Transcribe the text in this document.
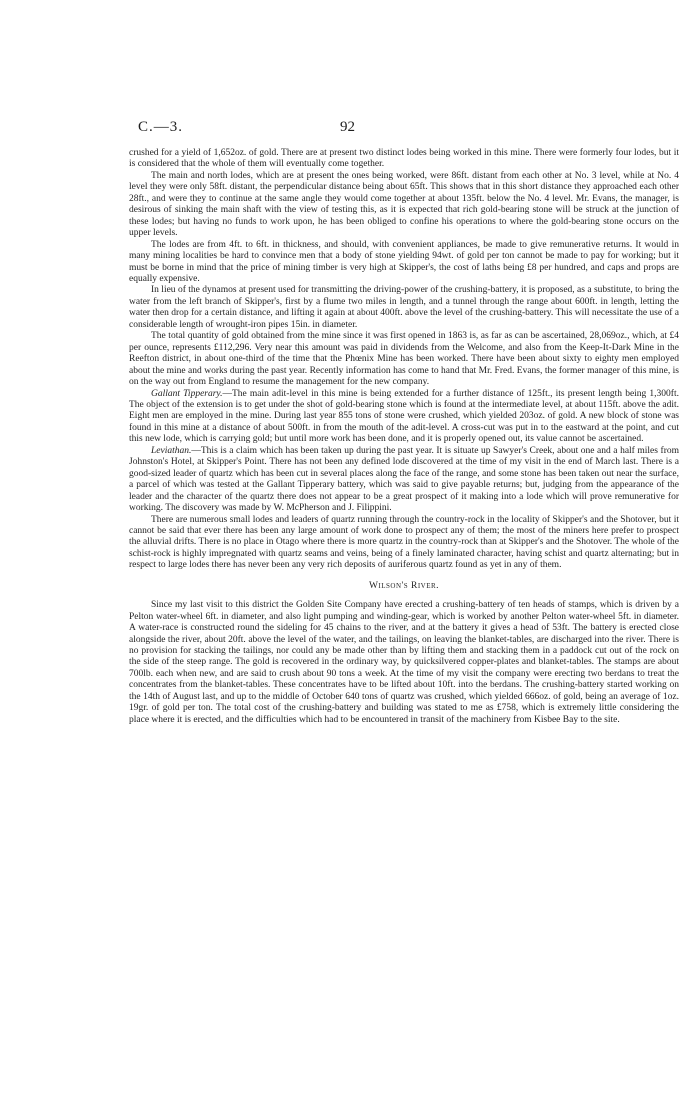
C.—3.	92

crushed for a yield of 1,652oz. of gold. There are at present two distinct lodes being worked in this mine. There were formerly four lodes, but it is considered that the whole of them will eventually come together.

The main and north lodes, which are at present the ones being worked, were 86ft. distant from each other at No. 3 level, while at No. 4 level they were only 58ft. distant, the perpendicular distance being about 65ft. This shows that in this short distance they approached each other 28ft., and were they to continue at the same angle they would come together at about 135ft. below the No. 4 level. Mr. Evans, the manager, is desirous of sinking the main shaft with the view of testing this, as it is expected that rich gold-bearing stone will be struck at the junction of these lodes; but having no funds to work upon, he has been obliged to confine his operations to where the gold-bearing stone occurs on the upper levels.

The lodes are from 4ft. to 6ft. in thickness, and should, with convenient appliances, be made to give remunerative returns. It would in many mining localities be hard to convince men that a body of stone yielding 94wt. of gold per ton cannot be made to pay for working; but it must be borne in mind that the price of mining timber is very high at Skipper's, the cost of laths being £8 per hundred, and caps and props are equally expensive.

In lieu of the dynamos at present used for transmitting the driving-power of the crushing-battery, it is proposed, as a substitute, to bring the water from the left branch of Skipper's, first by a flume two miles in length, and a tunnel through the range about 600ft. in length, letting the water then drop for a certain distance, and lifting it again at about 400ft. above the level of the crushing-battery. This will necessitate the use of a considerable length of wrought-iron pipes 15in. in diameter.

The total quantity of gold obtained from the mine since it was first opened in 1863 is, as far as can be ascertained, 28,069oz., which, at £4 per ounce, represents £112,296. Very near this amount was paid in dividends from the Welcome, and also from the Keep-It-Dark Mine in the Reefton district, in about one-third of the time that the Phœnix Mine has been worked. There have been about sixty to eighty men employed about the mine and works during the past year. Recently information has come to hand that Mr. Fred. Evans, the former manager of this mine, is on the way out from England to resume the management for the new company.

Gallant Tipperary.—The main adit-level in this mine is being extended for a further distance of 125ft., its present length being 1,300ft. The object of the extension is to get under the shot of gold-bearing stone which is found at the intermediate level, at about 115ft. above the adit. Eight men are employed in the mine. During last year 855 tons of stone were crushed, which yielded 203oz. of gold. A new block of stone was found in this mine at a distance of about 500ft. in from the mouth of the adit-level. A cross-cut was put in to the eastward at the point, and cut this new lode, which is carrying gold; but until more work has been done, and it is properly opened out, its value cannot be ascertained.

Leviathan.—This is a claim which has been taken up during the past year. It is situate up Sawyer's Creek, about one and a half miles from Johnston's Hotel, at Skipper's Point. There has not been any defined lode discovered at the time of my visit in the end of March last. There is a good-sized leader of quartz which has been cut in several places along the face of the range, and some stone has been taken out near the surface, a parcel of which was tested at the Gallant Tipperary battery, which was said to give payable returns; but, judging from the appearance of the leader and the character of the quartz there does not appear to be a great prospect of it making into a lode which will prove remunerative for working. The discovery was made by W. McPherson and J. Filippini.

There are numerous small lodes and leaders of quartz running through the country-rock in the locality of Skipper's and the Shotover, but it cannot be said that ever there has been any large amount of work done to prospect any of them; the most of the miners here prefer to prospect the alluvial drifts. There is no place in Otago where there is more quartz in the country-rock than at Skipper's and the Shotover. The whole of the schist-rock is highly impregnated with quartz seams and veins, being of a finely laminated character, having schist and quartz alternating; but in respect to large lodes there has never been any very rich deposits of auriferous quartz found as yet in any of them.

Wilson's River.

Since my last visit to this district the Golden Site Company have erected a crushing-battery of ten heads of stamps, which is driven by a Pelton water-wheel 6ft. in diameter, and also light pumping and winding-gear, which is worked by another Pelton water-wheel 5ft. in diameter. A water-race is constructed round the sideling for 45 chains to the river, and at the battery it gives a head of 53ft. The battery is erected close alongside the river, about 20ft. above the level of the water, and the tailings, on leaving the blanket-tables, are discharged into the river. There is no provision for stacking the tailings, nor could any be made other than by lifting them and stacking them in a paddock cut out of the rock on the side of the steep range. The gold is recovered in the ordinary way, by quicksilvered copper-plates and blanket-tables. The stamps are about 700lb. each when new, and are said to crush about 90 tons a week. At the time of my visit the company were erecting two berdans to treat the concentrates from the blanket-tables. These concentrates have to be lifted about 10ft. into the berdans. The crushing-battery started working on the 14th of August last, and up to the middle of October 640 tons of quartz was crushed, which yielded 666oz. of gold, being an average of 1oz. 19gr. of gold per ton. The total cost of the crushing-battery and building was stated to me as £758, which is extremely little considering the place where it is erected, and the difficulties which had to be encountered in transit of the machinery from Kisbee Bay to the site.
